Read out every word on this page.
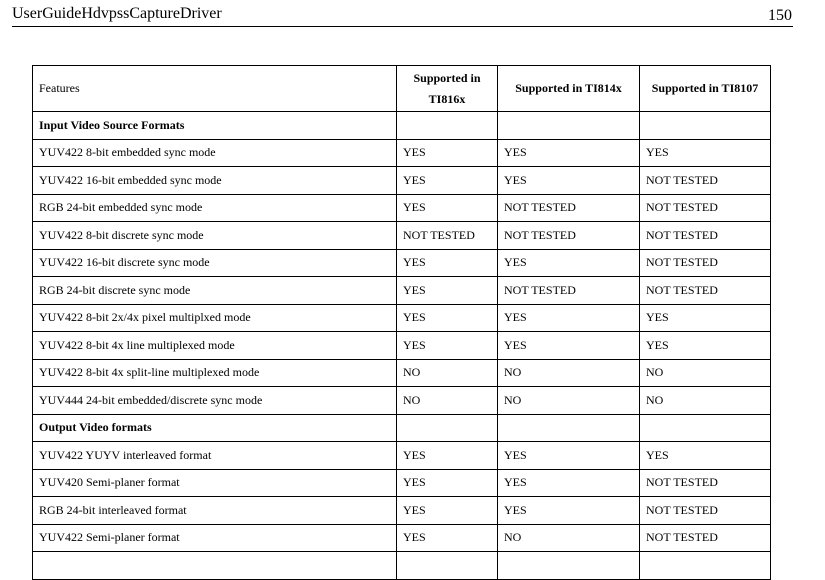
UserGuideHdvpssCaptureDriver	150
Features	Supported in TI816x	Supported in TI814x	Supported in TI8107
Input Video Source Formats			
YUV422 8-bit embedded sync mode	YES	YES	YES
YUV422 16-bit embedded sync mode	YES	YES	NOT TESTED
RGB 24-bit embedded sync mode	YES	NOT TESTED	NOT TESTED
YUV422 8-bit discrete sync mode	NOT TESTED	NOT TESTED	NOT TESTED
YUV422 16-bit discrete sync mode	YES	YES	NOT TESTED
RGB 24-bit discrete sync mode	YES	NOT TESTED	NOT TESTED
YUV422 8-bit 2x/4x pixel multiplxed mode	YES	YES	YES
YUV422 8-bit 4x line multiplexed mode	YES	YES	YES
YUV422 8-bit 4x split-line multiplexed mode	NO	NO	NO
YUV444 24-bit embedded/discrete sync mode	NO	NO	NO
Output Video formats			
YUV422 YUYV interleaved format	YES	YES	YES
YUV420 Semi-planer format	YES	YES	NOT TESTED
RGB 24-bit interleaved format	YES	YES	NOT TESTED
YUV422 Semi-planer format	YES	NO	NOT TESTED
